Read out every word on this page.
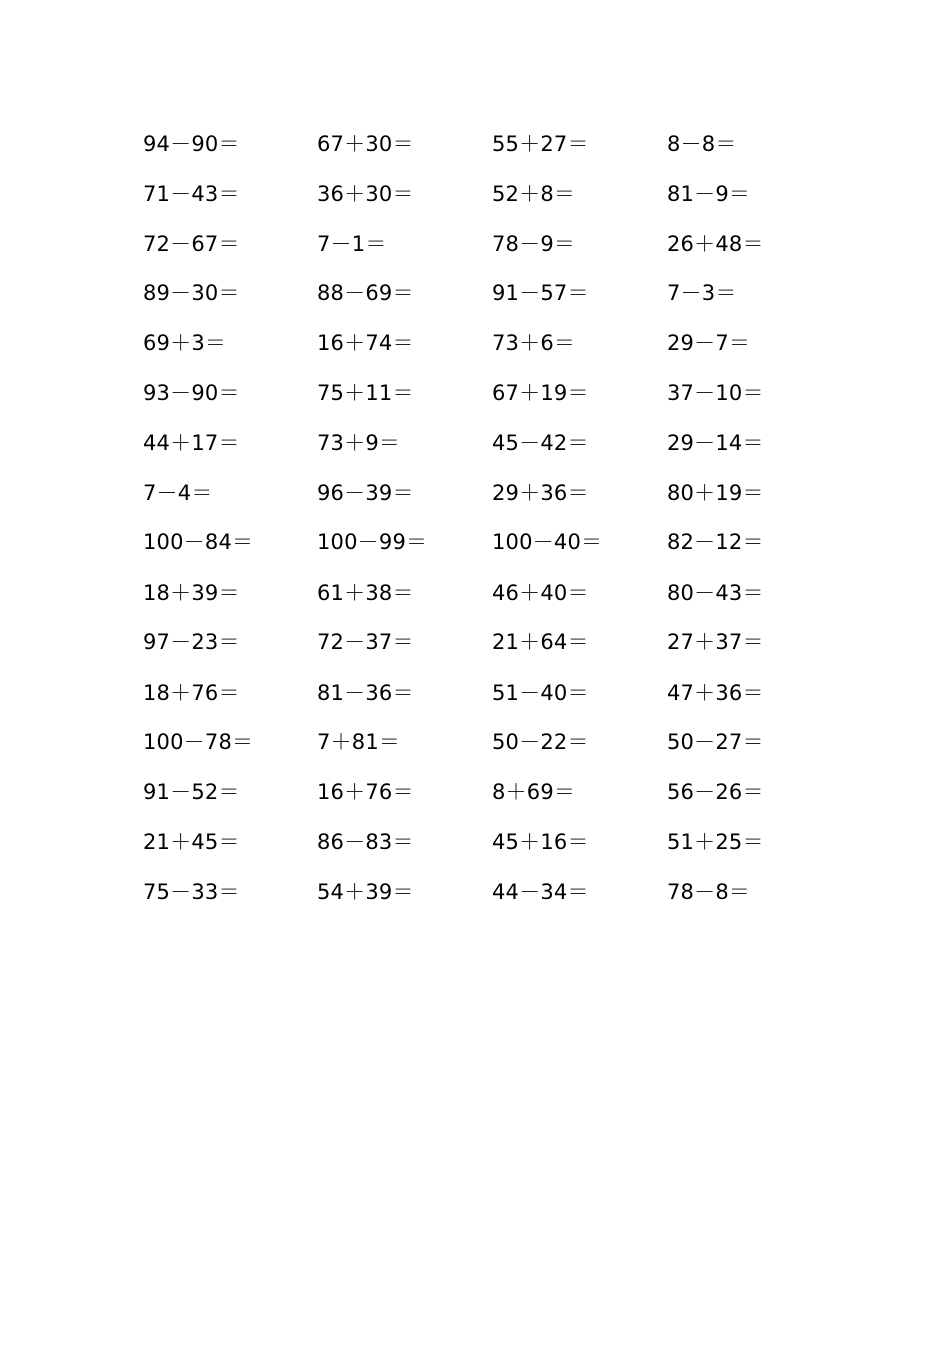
94－90＝	67＋30＝	55＋27＝	8－8＝
71－43＝	36＋30＝	52＋8＝	81－9＝
72－67＝	7－1＝	78－9＝	26＋48＝
89－30＝	88－69＝	91－57＝	7－3＝
69＋3＝	16＋74＝	73＋6＝	29－7＝
93－90＝	75＋11＝	67＋19＝	37－10＝
44＋17＝	73＋9＝	45－42＝	29－14＝
7－4＝	96－39＝	29＋36＝	80＋19＝
100－84＝	100－99＝	100－40＝	82－12＝
18＋39＝	61＋38＝	46＋40＝	80－43＝
97－23＝	72－37＝	21＋64＝	27＋37＝
18＋76＝	81－36＝	51－40＝	47＋36＝
100－78＝	7＋81＝	50－22＝	50－27＝
91－52＝	16＋76＝	8＋69＝	56－26＝
21＋45＝	86－83＝	45＋16＝	51＋25＝
75－33＝	54＋39＝	44－34＝	78－8＝
